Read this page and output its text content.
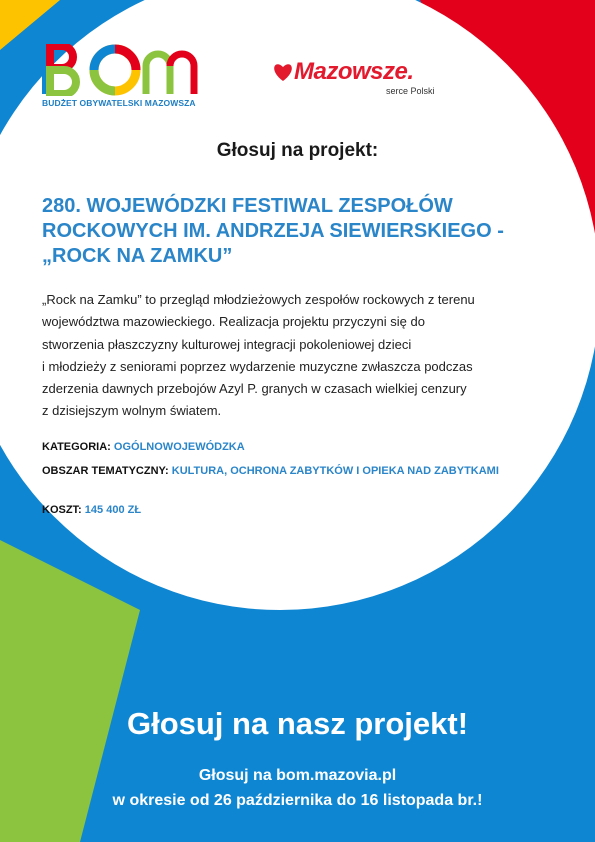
BUDŻET OBYWATELSKI MAZOWSZA
Mazowsze.
serce Polski
Głosuj na projekt:
280. WOJEWÓDZKI FESTIWAL ZESPOŁÓW
ROCKOWYCH IM. ANDRZEJA SIEWIERSKIEGO -
„ROCK NA ZAMKU”
„Rock na Zamku” to przegląd młodzieżowych zespołów rockowych z terenu
województwa mazowieckiego. Realizacja projektu przyczyni się do
stworzenia płaszczyzny kulturowej integracji pokoleniowej dzieci
i młodzieży z seniorami poprzez wydarzenie muzyczne zwłaszcza podczas
zderzenia dawnych przebojów Azyl P. granych w czasach wielkiej cenzury
z dzisiejszym wolnym światem.
KATEGORIA: OGÓLNOWOJEWÓDZKA
OBSZAR TEMATYCZNY: KULTURA, OCHRONA ZABYTKÓW I OPIEKA NAD ZABYTKAMI
KOSZT: 145 400 ZŁ
Głosuj na nasz projekt!
Głosuj na bom.mazovia.pl
w okresie od 26 października do 16 listopada br.!
